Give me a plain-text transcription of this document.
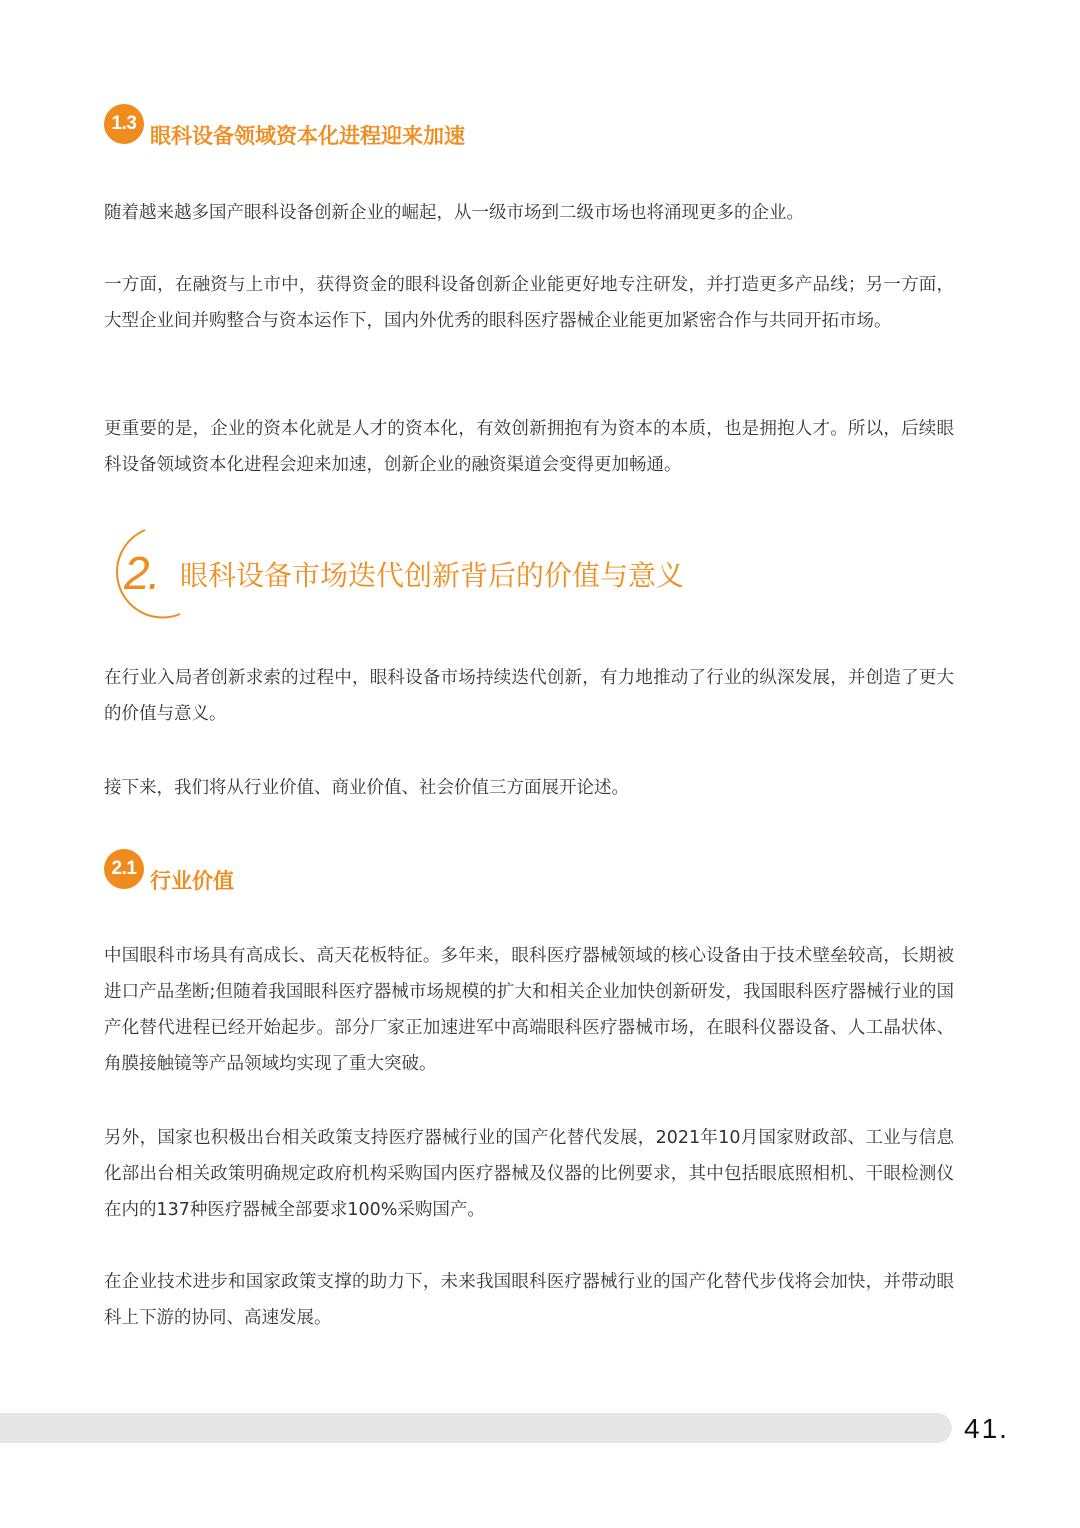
1.3
眼科设备领域资本化进程迎来加速

随着越来越多国产眼科设备创新企业的崛起，从一级市场到二级市场也将涌现更多的企业。

一方面，在融资与上市中，获得资金的眼科设备创新企业能更好地专注研发，并打造更多产品线；另一方面，大型企业间并购整合与资本运作下，国内外优秀的眼科医疗器械企业能更加紧密合作与共同开拓市场。

更重要的是，企业的资本化就是人才的资本化，有效创新拥抱有为资本的本质，也是拥抱人才。所以，后续眼科设备领域资本化进程会迎来加速，创新企业的融资渠道会变得更加畅通。

2. 眼科设备市场迭代创新背后的价值与意义

在行业入局者创新求索的过程中，眼科设备市场持续迭代创新，有力地推动了行业的纵深发展，并创造了更大的价值与意义。

接下来，我们将从行业价值、商业价值、社会价值三方面展开论述。

2.1
行业价值

中国眼科市场具有高成长、高天花板特征。多年来，眼科医疗器械领域的核心设备由于技术壁垒较高，长期被进口产品垄断;但随着我国眼科医疗器械市场规模的扩大和相关企业加快创新研发，我国眼科医疗器械行业的国产化替代进程已经开始起步。部分厂家正加速进军中高端眼科医疗器械市场，在眼科仪器设备、人工晶状体、角膜接触镜等产品领域均实现了重大突破。

另外，国家也积极出台相关政策支持医疗器械行业的国产化替代发展，2021年10月国家财政部、工业与信息化部出台相关政策明确规定政府机构采购国内医疗器械及仪器的比例要求，其中包括眼底照相机、干眼检测仪在内的137种医疗器械全部要求100%采购国产。

在企业技术进步和国家政策支撑的助力下，未来我国眼科医疗器械行业的国产化替代步伐将会加快，并带动眼科上下游的协同、高速发展。

41.
